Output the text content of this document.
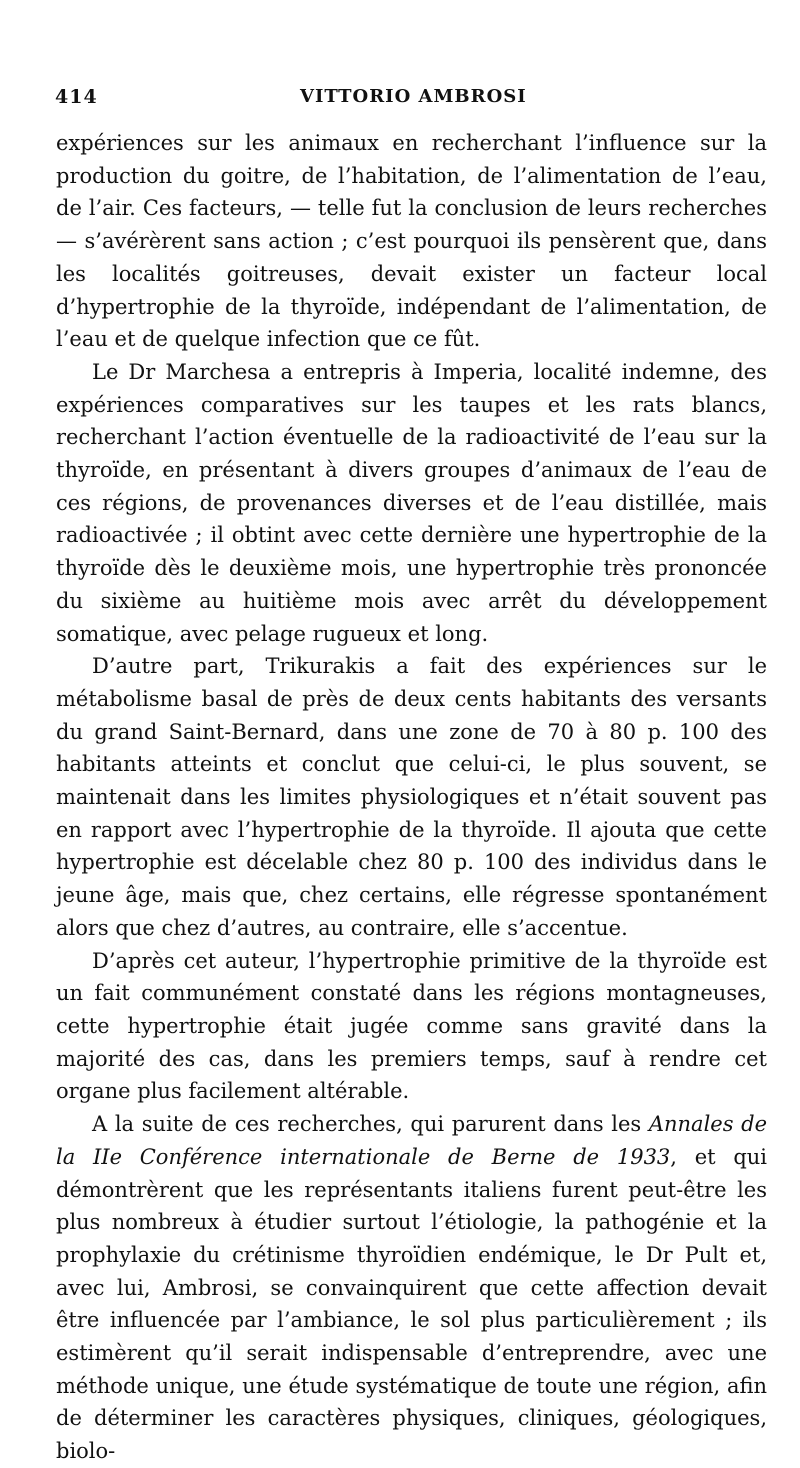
414	VITTORIO AMBROSI

expériences sur les animaux en recherchant l’influence sur la production du goitre, de l’habitation, de l’alimentation de l’eau, de l’air. Ces facteurs, — telle fut la conclusion de leurs recherches — s’avérèrent sans action ; c’est pourquoi ils pensèrent que, dans les localités goitreuses, devait exister un facteur local d’hypertrophie de la thyroïde, indépendant de l’alimentation, de l’eau et de quelque infection que ce fût.

Le Dr Marchesa a entrepris à Imperia, localité indemne, des expériences comparatives sur les taupes et les rats blancs, recherchant l’action éventuelle de la radioactivité de l’eau sur la thyroïde, en présentant à divers groupes d’animaux de l’eau de ces régions, de provenances diverses et de l’eau distillée, mais radioactivée ; il obtint avec cette dernière une hypertrophie de la thyroïde dès le deuxième mois, une hypertrophie très prononcée du sixième au huitième mois avec arrêt du développement somatique, avec pelage rugueux et long.

D’autre part, Trikurakis a fait des expériences sur le métabolisme basal de près de deux cents habitants des versants du grand Saint-Bernard, dans une zone de 70 à 80 p. 100 des habitants atteints et conclut que celui-ci, le plus souvent, se maintenait dans les limites physiologiques et n’était souvent pas en rapport avec l’hypertrophie de la thyroïde. Il ajouta que cette hypertrophie est décelable chez 80 p. 100 des individus dans le jeune âge, mais que, chez certains, elle régresse spontanément alors que chez d’autres, au contraire, elle s’accentue.

D’après cet auteur, l’hypertrophie primitive de la thyroïde est un fait communément constaté dans les régions montagneuses, cette hypertrophie était jugée comme sans gravité dans la majorité des cas, dans les premiers temps, sauf à rendre cet organe plus facilement altérable.

A la suite de ces recherches, qui parurent dans les Annales de la IIe Conférence internationale de Berne de 1933, et qui démontrèrent que les représentants italiens furent peut-être les plus nombreux à étudier surtout l’étiologie, la pathogénie et la prophylaxie du crétinisme thyroïdien endémique, le Dr Pult et, avec lui, Ambrosi, se convainquirent que cette affection devait être influencée par l’ambiance, le sol plus particulièrement ; ils estimèrent qu’il serait indispensable d’entreprendre, avec une méthode unique, une étude systématique de toute une région, afin de déterminer les caractères physiques, cliniques, géologiques, biolo-
